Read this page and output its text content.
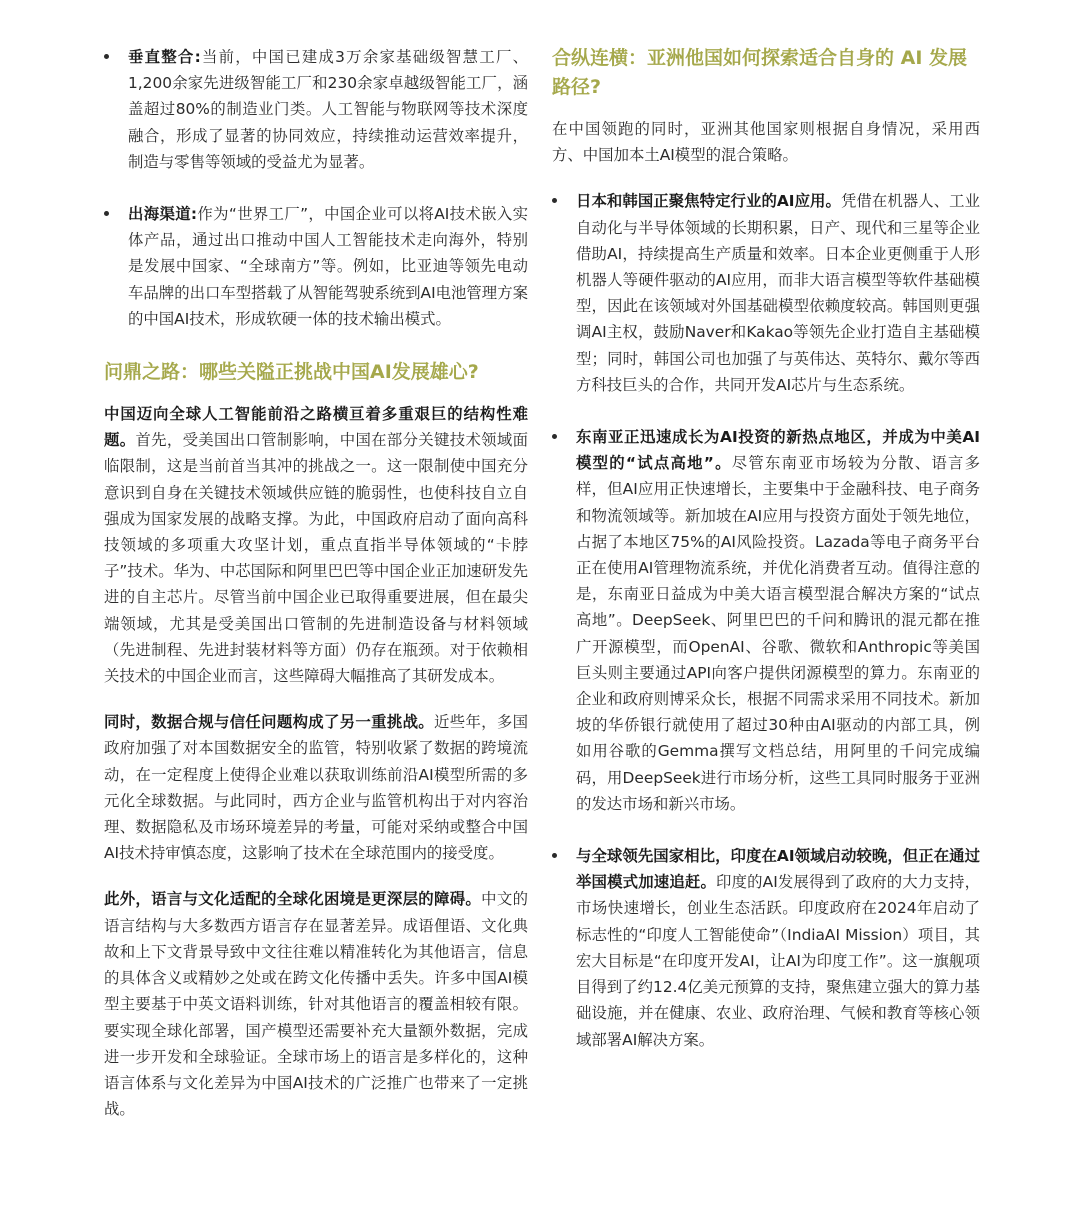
垂直整合:当前，中国已建成3万余家基础级智慧工厂、1,200余家先进级智能工厂和230余家卓越级智能工厂，涵盖超过80%的制造业门类。人工智能与物联网等技术深度融合，形成了显著的协同效应，持续推动运营效率提升，制造与零售等领域的受益尤为显著。

出海渠道:作为“世界工厂”，中国企业可以将AI技术嵌入实体产品，通过出口推动中国人工智能技术走向海外，特别是发展中国家、“全球南方”等。例如，比亚迪等领先电动车品牌的出口车型搭载了从智能驾驶系统到AI电池管理方案的中国AI技术，形成软硬一体的技术输出模式。

问鼎之路：哪些关隘正挑战中国AI发展雄心?

中国迈向全球人工智能前沿之路横亘着多重艰巨的结构性难题。首先，受美国出口管制影响，中国在部分关键技术领域面临限制，这是当前首当其冲的挑战之一。这一限制使中国充分意识到自身在关键技术领域供应链的脆弱性，也使科技自立自强成为国家发展的战略支撑。为此，中国政府启动了面向高科技领域的多项重大攻坚计划，重点直指半导体领域的“卡脖子”技术。华为、中芯国际和阿里巴巴等中国企业正加速研发先进的自主芯片。尽管当前中国企业已取得重要进展，但在最尖端领域，尤其是受美国出口管制的先进制造设备与材料领域（先进制程、先进封装材料等方面）仍存在瓶颈。对于依赖相关技术的中国企业而言，这些障碍大幅推高了其研发成本。

同时，数据合规与信任问题构成了另一重挑战。近些年，多国政府加强了对本国数据安全的监管，特别收紧了数据的跨境流动，在一定程度上使得企业难以获取训练前沿AI模型所需的多元化全球数据。与此同时，西方企业与监管机构出于对内容治理、数据隐私及市场环境差异的考量，可能对采纳或整合中国AI技术持审慎态度，这影响了技术在全球范围内的接受度。

此外，语言与文化适配的全球化困境是更深层的障碍。中文的语言结构与大多数西方语言存在显著差异。成语俚语、文化典故和上下文背景导致中文往往难以精准转化为其他语言，信息的具体含义或精妙之处或在跨文化传播中丢失。许多中国AI模型主要基于中英文语料训练，针对其他语言的覆盖相较有限。要实现全球化部署，国产模型还需要补充大量额外数据，完成进一步开发和全球验证。全球市场上的语言是多样化的，这种语言体系与文化差异为中国AI技术的广泛推广也带来了一定挑战。

合纵连横：亚洲他国如何探索适合自身的 AI 发展路径?

在中国领跑的同时，亚洲其他国家则根据自身情况，采用西方、中国加本土AI模型的混合策略。

日本和韩国正聚焦特定行业的AI应用。凭借在机器人、工业自动化与半导体领域的长期积累，日产、现代和三星等企业借助AI，持续提高生产质量和效率。日本企业更侧重于人形机器人等硬件驱动的AI应用，而非大语言模型等软件基础模型，因此在该领域对外国基础模型依赖度较高。韩国则更强调AI主权，鼓励Naver和Kakao等领先企业打造自主基础模型；同时，韩国公司也加强了与英伟达、英特尔、戴尔等西方科技巨头的合作，共同开发AI芯片与生态系统。

东南亚正迅速成长为AI投资的新热点地区，并成为中美AI模型的“试点高地”。尽管东南亚市场较为分散、语言多样，但AI应用正快速增长，主要集中于金融科技、电子商务和物流领域等。新加坡在AI应用与投资方面处于领先地位，占据了本地区75%的AI风险投资。Lazada等电子商务平台正在使用AI管理物流系统，并优化消费者互动。值得注意的是，东南亚日益成为中美大语言模型混合解决方案的“试点高地”。DeepSeek、阿里巴巴的千问和腾讯的混元都在推广开源模型，而OpenAI、谷歌、微软和Anthropic等美国巨头则主要通过API向客户提供闭源模型的算力。东南亚的企业和政府则博采众长，根据不同需求采用不同技术。新加坡的华侨银行就使用了超过30种由AI驱动的内部工具，例如用谷歌的Gemma撰写文档总结，用阿里的千问完成编码，用DeepSeek进行市场分析，这些工具同时服务于亚洲的发达市场和新兴市场。

与全球领先国家相比，印度在AI领域启动较晚，但正在通过举国模式加速追赶。印度的AI发展得到了政府的大力支持，市场快速增长，创业生态活跃。印度政府在2024年启动了标志性的“印度人工智能使命”（IndiaAI Mission）项目，其宏大目标是“在印度开发AI，让AI为印度工作”。这一旗舰项目得到了约12.4亿美元预算的支持，聚焦建立强大的算力基础设施，并在健康、农业、政府治理、气候和教育等核心领域部署AI解决方案。
